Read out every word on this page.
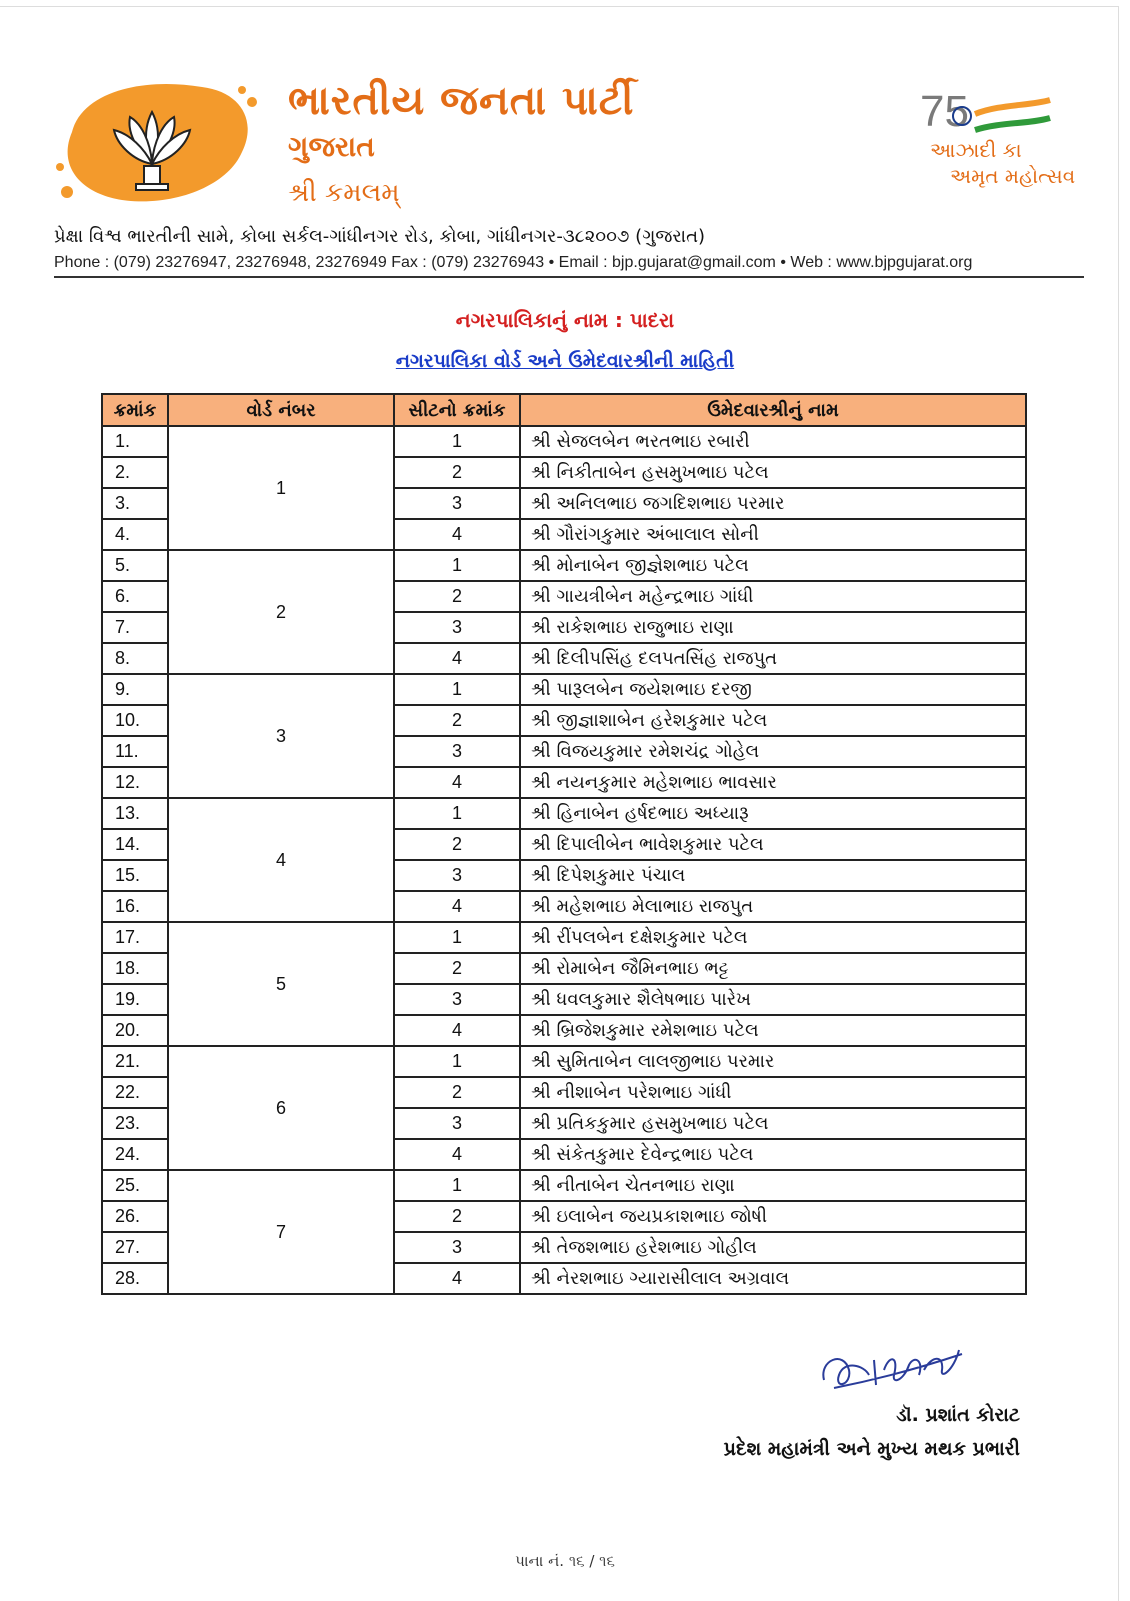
ભારતીય જનતા પાર્ટી
ગુજરાત
શ્રી કમલમ્
75
આઝાદી કા
અમૃત મહોત્સવ
પ્રેક્ષા વિશ્વ ભારતીની સામે, કોબા સર્કલ-ગાંધીનગર રોડ, કોબા, ગાંધીનગર-૩૮૨૦૦૭ (ગુજરાત)
Phone : (079) 23276947, 23276948, 23276949 Fax : (079) 23276943 • Email : bjp.gujarat@gmail.com • Web : www.bjpgujarat.org
નગરપાલિકાનું નામ : પાદરા
નગરપાલિકા વોર્ડ અને ઉમેદવારશ્રીની માહિતી
ક્રમાંક	વોર્ડ નંબર	સીટનો ક્રમાંક	ઉમેદવારશ્રીનું નામ
1.	1	1	શ્રી સેજલબેન ભરતભાઇ રબારી
2.		2	શ્રી નિકીતાબેન હસમુખભાઇ પટેલ
3.		3	શ્રી અનિલભાઇ જગદિશભાઇ પરમાર
4.		4	શ્રી ગૌરાંગકુમાર અંબાલાલ સોની
5.	2	1	શ્રી મોનાબેન જીજ્ઞેશભાઇ પટેલ
6.		2	શ્રી ગાયત્રીબેન મહેન્દ્રભાઇ ગાંધી
7.		3	શ્રી રાકેશભાઇ રાજુભાઇ રાણા
8.		4	શ્રી દિલીપસિંહ દલપતસિંહ રાજપુત
9.	3	1	શ્રી પારૂલબેન જયેશભાઇ દરજી
10.		2	શ્રી જીજ્ઞાશાબેન હરેશકુમાર પટેલ
11.		3	શ્રી વિજયકુમાર રમેશચંદ્ર ગોહેલ
12.		4	શ્રી નયનકુમાર મહેશભાઇ ભાવસાર
13.	4	1	શ્રી હિનાબેન હર્ષદભાઇ અધ્યારૂ
14.		2	શ્રી દિપાલીબેન ભાવેશકુમાર પટેલ
15.		3	શ્રી દિપેશકુમાર પંચાલ
16.		4	શ્રી મહેશભાઇ મેલાભાઇ રાજપુત
17.	5	1	શ્રી રીંપલબેન દક્ષેશકુમાર પટેલ
18.		2	શ્રી રોમાબેન જૈમિનભાઇ ભટ્ટ
19.		3	શ્રી ધવલકુમાર શૈલેષભાઇ પારેખ
20.		4	શ્રી બ્રિજેશકુમાર રમેશભાઇ પટેલ
21.	6	1	શ્રી સુમિતાબેન લાલજીભાઇ પરમાર
22.		2	શ્રી નીશાબેન પરેશભાઇ ગાંધી
23.		3	શ્રી પ્રતિકકુમાર હસમુખભાઇ પટેલ
24.		4	શ્રી સંકેતકુમાર દેવેન્દ્રભાઇ પટેલ
25.	7	1	શ્રી નીતાબેન ચેતનભાઇ રાણા
26.		2	શ્રી ઇલાબેન જયપ્રકાશભાઇ જોષી
27.		3	શ્રી તેજશભાઇ હરેશભાઇ ગોહીલ
28.		4	શ્રી નેરશભાઇ ગ્યારાસીલાલ અગ્રવાલ
ડૉ. પ્રશાંત કોરાટ
પ્રદેશ મહામંત્રી અને મુખ્ય મથક પ્રભારી
પાના નં. ૧૬ / ૧૬
